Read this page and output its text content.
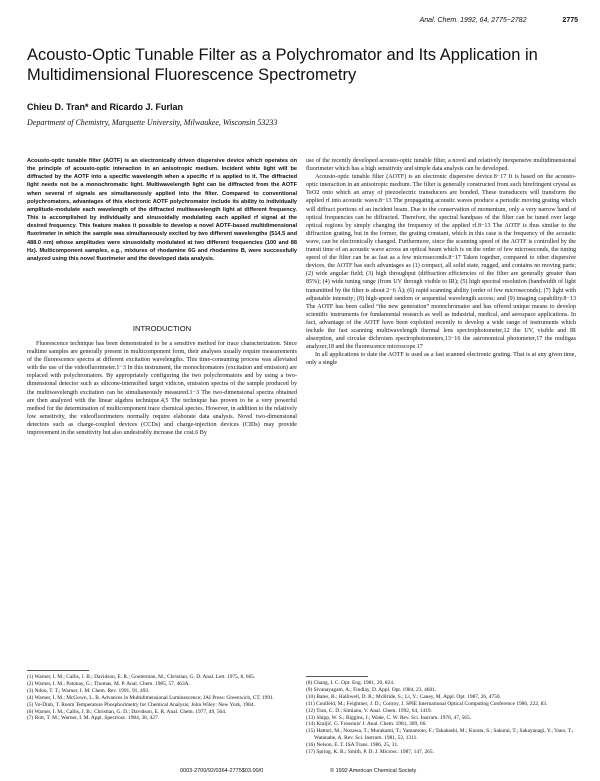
Anal. Chem. 1992, 64, 2775−2782	2775
Acousto-Optic Tunable Filter as a Polychromator and Its Application in Multidimensional Fluorescence Spectrometry
Chieu D. Tran* and Ricardo J. Furlan
Department of Chemistry, Marquette University, Milwaukee, Wisconsin 53233

Acousto-optic tunable filter (AOTF) is an electronically driven dispersive device which operates on the principle of acousto-optic interaction in an anisotropic medium. Incident white light will be diffracted by the AOTF into a specific wavelength when a specific rf is applied to it. The diffracted light needs not be a monochromatic light. Multiwavelength light can be diffracted from the AOTF when several rf signals are simultaneously applied into the filter. Compared to conventional polychromators, advantages of this electronic AOTF polychromator include its ability to individually amplitude-modulate each wavelength of the diffracted multiwavelength light at different frequency. This is accomplished by individually and sinusoidally modulating each applied rf signal at the desired frequency. This feature makes it possible to develop a novel AOTF-based multidimensional fluorimeter in which the sample was simultaneously excited by two different wavelengths (514.5 and 488.0 nm) whose amplitudes were sinusoidally modulated at two different frequencies (100 and 88 Hz). Multicomponent samples, e.g., mixtures of rhodamine 6G and rhodamine B, were successfully analyzed using this novel fluorimeter and the developed data analysis.

INTRODUCTION

Fluorescence technique has been demonstrated to be a sensitive method for trace characterization. Since realtime samples are generally present in multicomponent form, their analyses usually require measurements of the fluorescence spectra at different excitation wavelengths. This time-consuming process was alleviated with the use of the videofluorimeter.1−3 In this instrument, the monochromators (excitation and emission) are replaced with polychromators. By appropriately configuring the two polychromators and by using a two-dimensional detector such as silicone-intensified target vidicon, emission spectra of the sample produced by the multiwavelength excitation can be simultaneously measured.1−3 The two-dimensional spectra obtained are then analyzed with the linear algebra technique.4,5 The technique has proven to be a very powerful method for the determination of multicomponent trace chemical species. However, in addition to the relatively low sensitivity, the videofluorimeters normally require elaborate data analysis. Novel two-dimensional detectors such as charge-coupled devices (CCDs) and charge-injection devices (CIDs) may provide improvement in the sensitivity but also undesirably increase the cost.6 By

(1) Warner, I. M.; Callis, J. B.; Davidson, E. R.; Gouterman, M.; Christian, G. D. Anal. Lett. 1975, 8, 665.
(2) Warner, I. M.; Patonay, G.; Thomas, M. P. Anal. Chem. 1985, 57, 463A.
(3) Ndou, T. T.; Warner, I. M. Chem. Rev. 1991, 91, 493.
(4) Warner, I. M.; McGown, L. B. Advances in Multidimensional Luminescence; JAI Press: Greenwich, CT, 1991.
(5) Vo-Dinh, T. Room Temperature Phosphorimetry for Chemical Analysis; John Wiley: New York, 1984.
(6) Warner, I. M.; Callis, J. B.; Christian, G. D.; Davidson, E. R. Anal. Chem. 1977, 49, 564.
(7) Bott, T. M.; Warner, I. M. Appl. Spectrosc. 1984, 38, 427.

use of the recently developed acousto-optic tunable filter, a novel and relatively inexpensive multidimensional fluorimeter which has a high sensitivity and simple data analysis can be developed.

Acousto-optic tunable filter (AOTF) is an electronic dispersive device.8−17 It is based on the acousto-optic interaction in an anisotropic medium. The filter is generally constructed from such birefringent crystal as TeO2 onto which an array of piezoelectric transducers are bonded. These transducers will transform the applied rf into acoustic wave.8−13 The propagating acoustic waves produce a periodic moving grating which will diffract portions of an incident beam. Due to the conservation of momentum, only a very narrow band of optical frequencies can be diffracted. Therefore, the spectral bandpass of the filter can be tuned over large optical regions by simply changing the frequency of the applied rf.8−13 The AOTF is thus similar to the diffraction grating, but in the former, the grating constant, which in this case is the frequency of the acoustic wave, can be electronically changed. Furthermore, since the scanning speed of the AOTF is controlled by the transit time of an acoustic wave across an optical beam which is on the order of few microseconds, the tuning speed of the filter can be as fast as a few microseconds.8−17 Taken together, compared to other dispersive devices, the AOTF has such advantages as (1) compact, all solid state, rugged, and contains no moving parts; (2) wide angular field; (3) high throughput (diffraction efficiencies of the filter are generally greater than 85%); (4) wide tuning range (from UV through visible to IR); (5) high spectral resolution (bandwidth of light transmitted by the filter is about 2−6 Å); (6) rapid scanning ability (order of few microseconds); (7) light with adjustable intensity; (8) high-speed random or sequential wavelength access; and (9) imaging capability.8−13 The AOTF has been called “the new generation” monochromator and has offered unique means to develop scientific instruments for fundamental research as well as industrial, medical, and aerospace applications. In fact, advantage of the AOTF have been exploited recently to develop a wide range of instruments which include the fast scanning multiwavelength thermal lens spectrophotometer,12 the UV, visible and IR absorption, and circular dichroism spectrophotometers,13−16 the astronomical photometer,17 the multigas analyzer,18 and the fluorescence microscope.17

In all applications to date the AOTF is used as a fast scanned electronic grating. That is at any given time, only a single

(8) Chang, I. C. Opt. Eng. 1981, 20, 824.
(9) Sivanayagam, A.; Findlay, D. Appl. Opt. 1984, 23, 4601.
(10) Bates, B.; Halliwell, D. R.; McBride, S.; Li, Y.; Caney, M. Appl. Opt. 1987, 26, 4750.
(11) Coulfeld, M.; Feightner, J. D.; Conroy, J. SPIE International Optical Computing Conference 1986, 222, 83.
(12) Tran, C. D.; Simianu, V. Anal. Chem. 1992, 64, 1419.
(13) Shipp, W. S.; Biggins, J.; Wade, C. W. Rev. Sci. Instrum. 1976, 47, 565.
(14) Kraljić, G. Frossinis' J. Anal. Chem. 1981, 309, 66.
(15) Hattori, M.; Nozawa, T.; Murakami, T.; Yamamoto, F.; Takahashi, M.; Kurata, S.; Sakurai, T.; Sakayanagi, Y.; Yano, T.; Watanabe, A. Rev. Sci. Instrum. 1981, 52, 1311.
(16) Nelson, E. T. ISA Trans. 1986, 25, 31.
(17) Spring, K. R.; Smith, P. D. J. Microsc. 1987, 147, 265.
0003-2700/92/0364-2775$03.00/0	© 1992 American Chemical Society
